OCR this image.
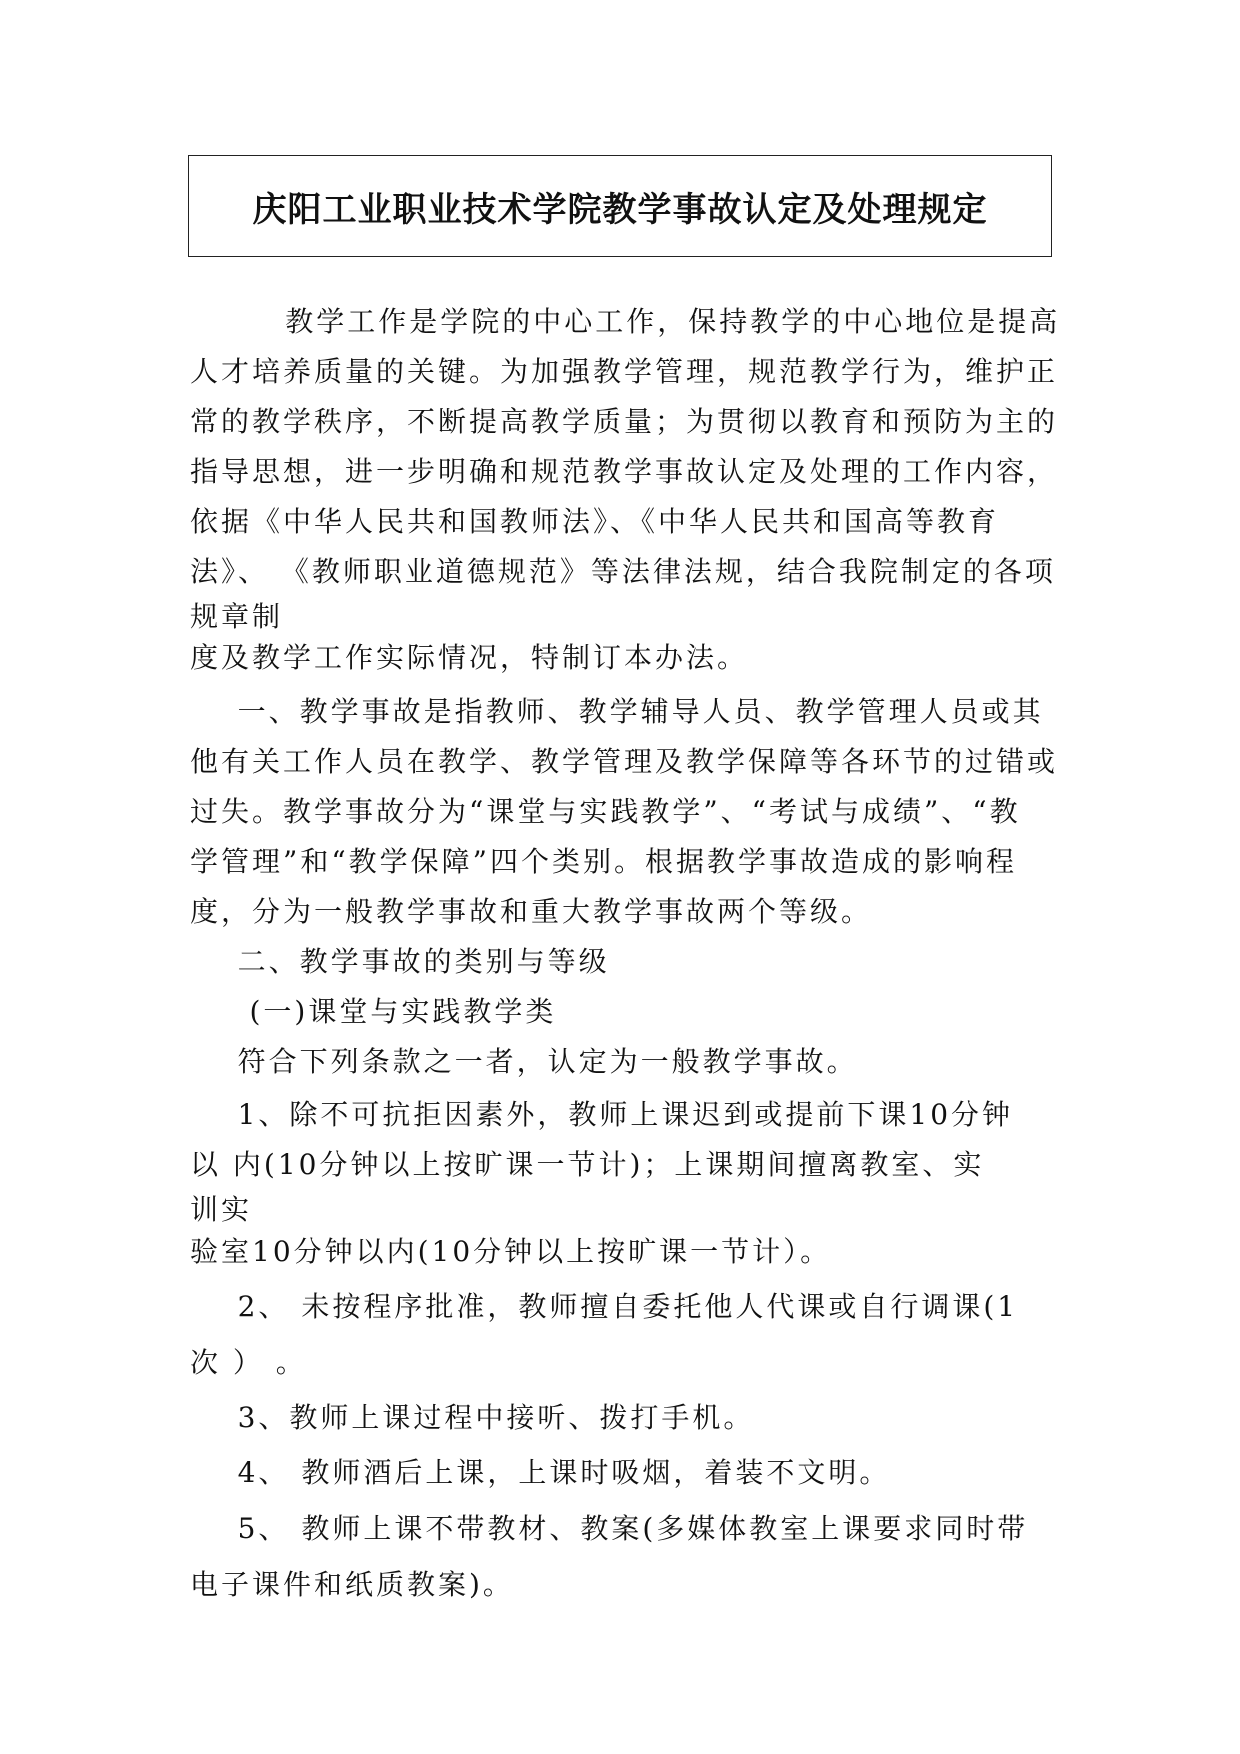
庆阳工业职业技术学院教学事故认定及处理规定
教学工作是学院的中心工作，保持教学的中心地位是提高
人才培养质量的关键。为加强教学管理，规范教学行为，维护正
常的教学秩序，不断提高教学质量；为贯彻以教育和预防为主的
指导思想，进一步明确和规范教学事故认定及处理的工作内容，
依据《中华人民共和国教师法》、《中华人民共和国高等教育
法》、 《教师职业道德规范》等法律法规，结合我院制定的各项
规章制
度及教学工作实际情况，特制订本办法。
一、教学事故是指教师、教学辅导人员、教学管理人员或其
他有关工作人员在教学、教学管理及教学保障等各环节的过错或
过失。教学事故分为“课堂与实践教学”、“考试与成绩”、“教
学管理”和“教学保障”四个类别。根据教学事故造成的影响程
度，分为一般教学事故和重大教学事故两个等级。
二、教学事故的类别与等级
(一)课堂与实践教学类
符合下列条款之一者，认定为一般教学事故。
1、除不可抗拒因素外，教师上课迟到或提前下课10分钟
以 内(10分钟以上按旷课一节计)；上课期间擅离教室、实
训实
验室10分钟以内(10分钟以上按旷课一节计）。
2、 未按程序批准，教师擅自委托他人代课或自行调课(1
次 ） 。
3、教师上课过程中接听、拨打手机。
4、 教师酒后上课，上课时吸烟，着装不文明。
5、 教师上课不带教材、教案(多媒体教室上课要求同时带
电子课件和纸质教案)。
